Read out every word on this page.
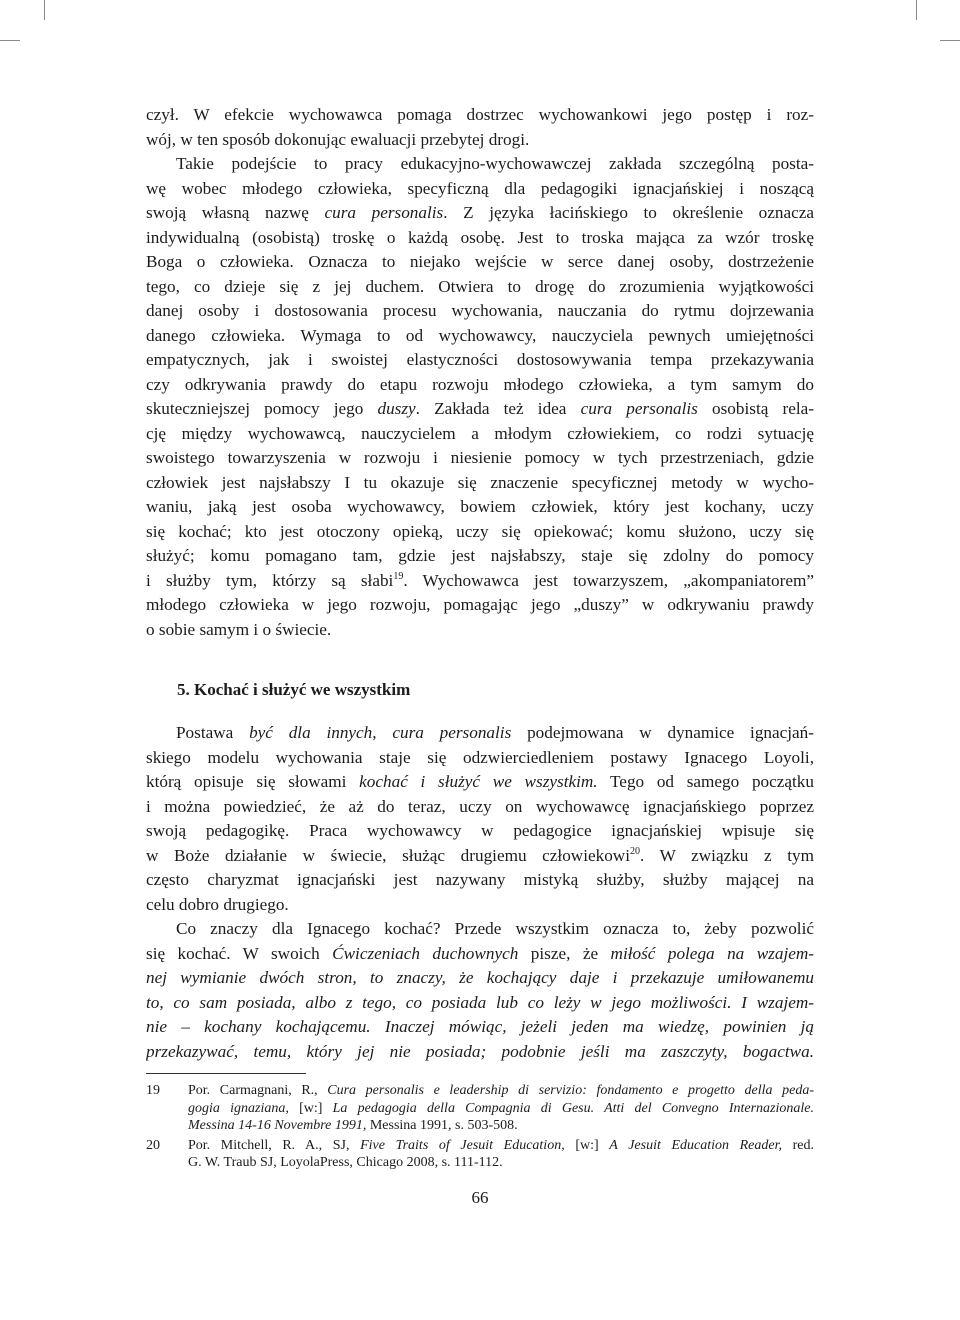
czył. W efekcie wychowawca pomaga dostrzec wychowankowi jego postęp i roz-
wój, w ten sposób dokonując ewaluacji przebytej drogi.
Takie podejście to pracy edukacyjno-wychowawczej zakłada szczególną posta-
wę wobec młodego człowieka, specyficzną dla pedagogiki ignacjańskiej i noszącą
swoją własną nazwę cura personalis. Z języka łacińskiego to określenie oznacza
indywidualną (osobistą) troskę o każdą osobę. Jest to troska mająca za wzór troskę
Boga o człowieka. Oznacza to niejako wejście w serce danej osoby, dostrzeżenie
tego, co dzieje się z jej duchem. Otwiera to drogę do zrozumienia wyjątkowości
danej osoby i dostosowania procesu wychowania, nauczania do rytmu dojrzewania
danego człowieka. Wymaga to od wychowawcy, nauczyciela pewnych umiejętności
empatycznych, jak i swoistej elastyczności dostosowywania tempa przekazywania
czy odkrywania prawdy do etapu rozwoju młodego człowieka, a tym samym do
skuteczniejszej pomocy jego duszy. Zakłada też idea cura personalis osobistą rela-
cję między wychowawcą, nauczycielem a młodym człowiekiem, co rodzi sytuację
swoistego towarzyszenia w rozwoju i niesienie pomocy w tych przestrzeniach, gdzie
człowiek jest najsłabszy I tu okazuje się znaczenie specyficznej metody w wycho-
waniu, jaką jest osoba wychowawcy, bowiem człowiek, który jest kochany, uczy
się kochać; kto jest otoczony opieką, uczy się opiekować; komu służono, uczy się
służyć; komu pomagano tam, gdzie jest najsłabszy, staje się zdolny do pomocy
i służby tym, którzy są słabi$^{19}$. Wychowawca jest towarzyszem, „akompaniatorem”
młodego człowieka w jego rozwoju, pomagając jego „duszy” w odkrywaniu prawdy
o sobie samym i o świecie.
5. Kochać i służyć we wszystkim
Postawa być dla innych, cura personalis podejmowana w dynamice ignacjań-
skiego modelu wychowania staje się odzwierciedleniem postawy Ignacego Loyoli,
którą opisuje się słowami kochać i służyć we wszystkim. Tego od samego początku
i można powiedzieć, że aż do teraz, uczy on wychowawcę ignacjańskiego poprzez
swoją pedagogikę. Praca wychowawcy w pedagogice ignacjańskiej wpisuje się
w Boże działanie w świecie, służąc drugiemu człowiekowi$^{20}$. W związku z tym
często charyzmat ignacjański jest nazywany mistyką służby, służby mającej na
celu dobro drugiego.
Co znaczy dla Ignacego kochać? Przede wszystkim oznacza to, żeby pozwolić
się kochać. W swoich Ćwiczeniach duchownych pisze, że miłość polega na wzajem-
nej wymianie dwóch stron, to znaczy, że kochający daje i przekazuje umiłowanemu
to, co sam posiada, albo z tego, co posiada lub co leży w jego możliwości. I wzajem-
nie – kochany kochającemu. Inaczej mówiąc, jeżeli jeden ma wiedzę, powinien ją
przekazywać, temu, który jej nie posiada; podobnie jeśli ma zaszczyty, bogactwa.
19	Por. Carmagnani, R., Cura personalis e leadership di servizio: fondamento e progetto della peda-
gogia ignaziana, [w:] La pedagogia della Compagnia di Gesu. Atti del Convegno Internazionale.
Messina 14-16 Novembre 1991, Messina 1991, s. 503-508.
20	Por. Mitchell, R. A., SJ, Five Traits of Jesuit Education, [w:] A Jesuit Education Reader, red.
G. W. Traub SJ, LoyolaPress, Chicago 2008, s. 111-112.
66
